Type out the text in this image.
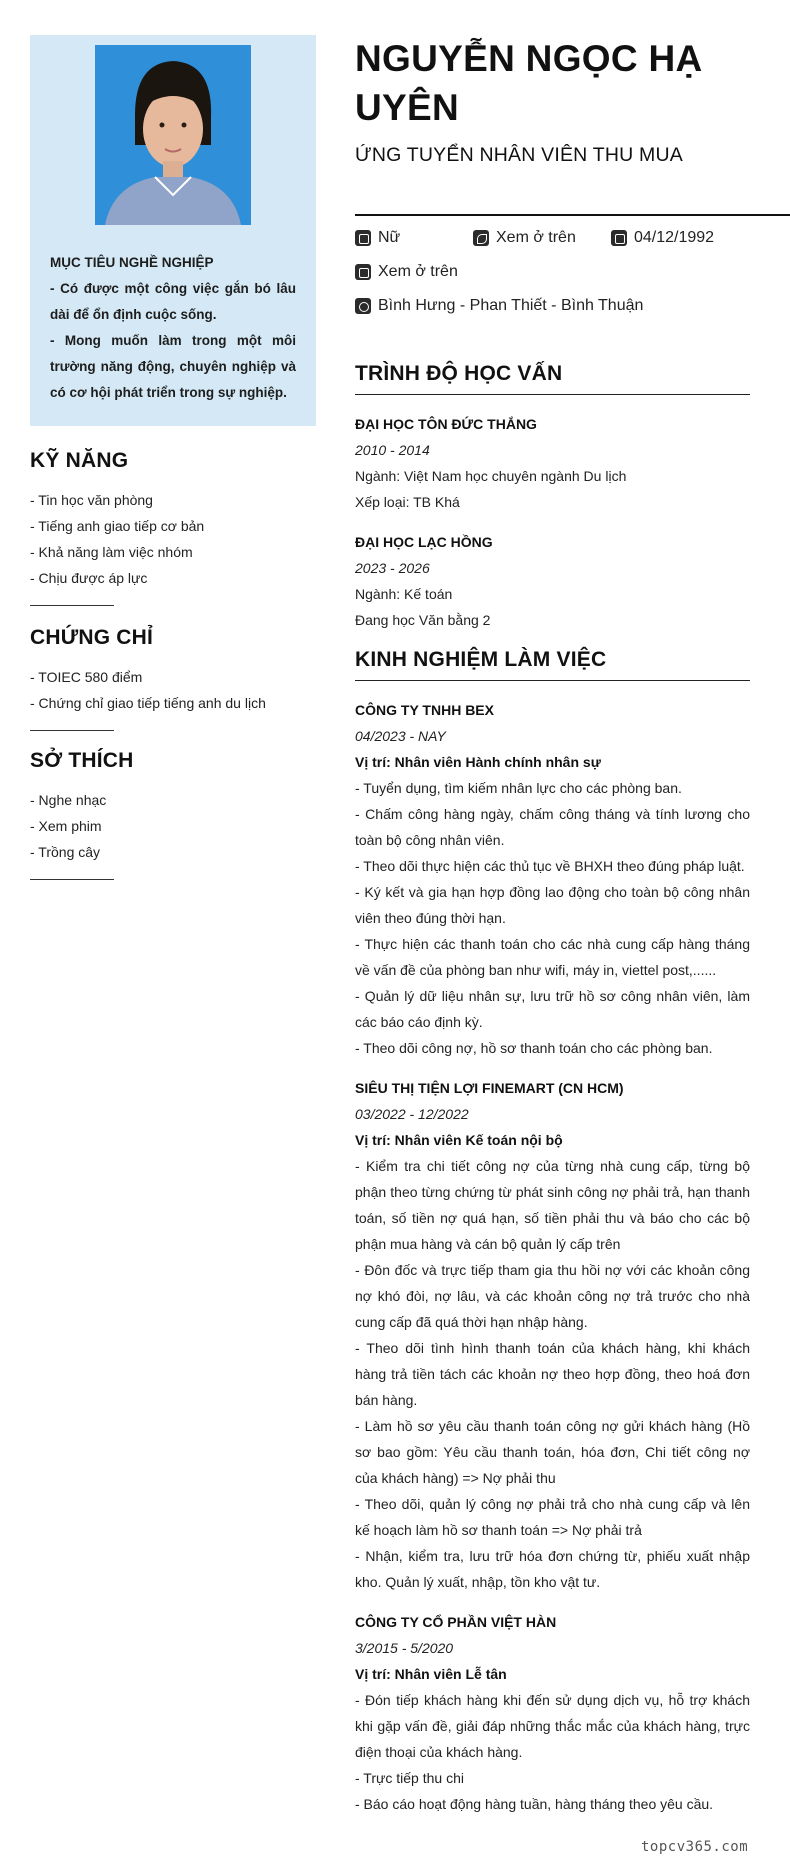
MỤC TIÊU NGHỀ NGHIỆP

- Có được một công việc gắn bó lâu dài để ổn định cuộc sống.

- Mong muốn làm trong một môi trường năng động, chuyên nghiệp và có cơ hội phát triển trong sự nghiệp.

KỸ NĂNG
- Tin học văn phòng
- Tiếng anh giao tiếp cơ bản
- Khả năng làm việc nhóm
- Chịu được áp lực
CHỨNG CHỈ
- TOIEC 580 điểm
- Chứng chỉ giao tiếp tiếng anh du lịch
SỞ THÍCH
- Nghe nhạc
- Xem phim
- Trồng cây
NGUYỄN NGỌC HẠ UYÊN
ỨNG TUYỂN NHÂN VIÊN THU MUA
Nữ	Xem ở trên	04/12/1992
Xem ở trên
Bình Hưng - Phan Thiết - Bình Thuận
TRÌNH ĐỘ HỌC VẤN
ĐẠI HỌC TÔN ĐỨC THẮNG
2010 - 2014
Ngành: Việt Nam học chuyên ngành Du lịch
Xếp loại: TB Khá
ĐẠI HỌC LẠC HỒNG
2023 - 2026
Ngành: Kế toán
Đang học Văn bằng 2
KINH NGHIỆM LÀM VIỆC
CÔNG TY TNHH BEX
04/2023 - NAY
Vị trí: Nhân viên Hành chính nhân sự
- Tuyển dụng, tìm kiếm nhân lực cho các phòng ban.
- Chấm công hàng ngày, chấm công tháng và tính lương cho toàn bộ công nhân viên.
- Theo dõi thực hiện các thủ tục về BHXH theo đúng pháp luật.
- Ký kết và gia hạn hợp đồng lao động cho toàn bộ công nhân viên theo đúng thời hạn.
- Thực hiện các thanh toán cho các nhà cung cấp hàng tháng về vấn đề của phòng ban như wifi, máy in, viettel post,......
- Quản lý dữ liệu nhân sự, lưu trữ hồ sơ công nhân viên, làm các báo cáo định kỳ.
- Theo dõi công nợ, hồ sơ thanh toán cho các phòng ban.
SIÊU THỊ TIỆN LỢI FINEMART (CN HCM)
03/2022 - 12/2022
Vị trí: Nhân viên Kế toán nội bộ
- Kiểm tra chi tiết công nợ của từng nhà cung cấp, từng bộ phận theo từng chứng từ phát sinh công nợ phải trả, hạn thanh toán, số tiền nợ quá hạn, số tiền phải thu và báo cho các bộ phận mua hàng và cán bộ quản lý cấp trên
- Đôn đốc và trực tiếp tham gia thu hồi nợ với các khoản công nợ khó đòi, nợ lâu, và các khoản công nợ trả trước cho nhà cung cấp đã quá thời hạn nhập hàng.
- Theo dõi tình hình thanh toán của khách hàng, khi khách hàng trả tiền tách các khoản nợ theo hợp đồng, theo hoá đơn bán hàng.
- Làm hồ sơ yêu cầu thanh toán công nợ gửi khách hàng (Hồ sơ bao gồm: Yêu cầu thanh toán, hóa đơn, Chi tiết công nợ của khách hàng) => Nợ phải thu
- Theo dõi, quản lý công nợ phải trả cho nhà cung cấp và lên kế hoạch làm hồ sơ thanh toán => Nợ phải trả
- Nhận, kiểm tra, lưu trữ hóa đơn chứng từ, phiếu xuất nhập kho. Quản lý xuất, nhập, tồn kho vật tư.
CÔNG TY CỔ PHẦN VIỆT HÀN
3/2015 - 5/2020
Vị trí: Nhân viên Lễ tân
- Đón tiếp khách hàng khi đến sử dụng dịch vụ, hỗ trợ khách khi gặp vấn đề, giải đáp những thắc mắc của khách hàng, trực điện thoại của khách hàng.
- Trực tiếp thu chi
- Báo cáo hoạt động hàng tuần, hàng tháng theo yêu cầu.
topcv365.com
